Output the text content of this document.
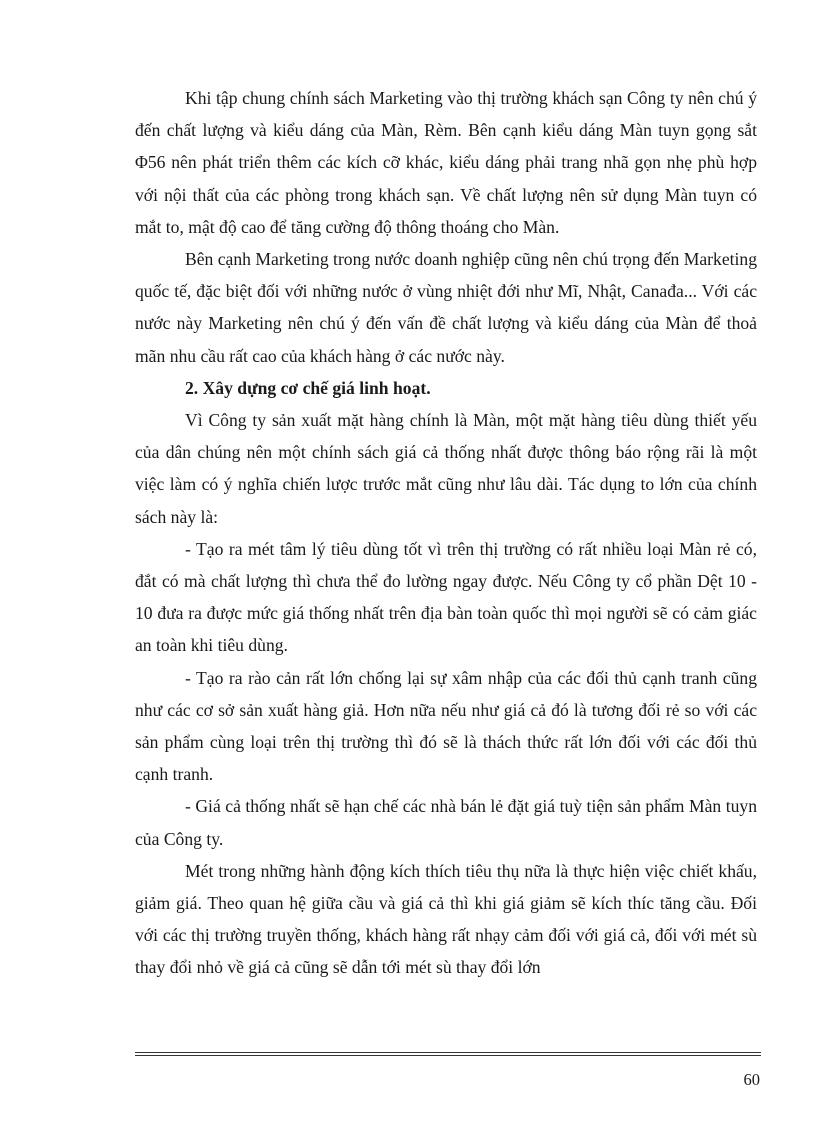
Khi tập chung chính sách Marketing vào thị trường khách sạn Công ty nên chú ý đến chất lượng và kiểu dáng của Màn, Rèm. Bên cạnh kiểu dáng Màn tuyn gọng sắt Φ56 nên phát triển thêm các kích cỡ khác, kiểu dáng phải trang nhã gọn nhẹ phù hợp với nội thất của các phòng trong khách sạn. Về chất lượng nên sử dụng Màn tuyn có mắt to, mật độ cao để tăng cường độ thông thoáng cho Màn.

Bên cạnh Marketing trong nước doanh nghiệp cũng nên chú trọng đến Marketing quốc tế, đặc biệt đối với những nước ở vùng nhiệt đới như Mĩ, Nhật, Canađa... Với các nước này Marketing nên chú ý đến vấn đề chất lượng và kiểu dáng của Màn để thoả mãn nhu cầu rất cao của khách hàng ở các nước này.

2. Xây dựng cơ chế giá linh hoạt.

Vì Công ty sản xuất mặt hàng chính là Màn, một mặt hàng tiêu dùng thiết yếu của dân chúng nên một chính sách giá cả thống nhất được thông báo rộng rãi là một việc làm có ý nghĩa chiến lược trước mắt cũng như lâu dài. Tác dụng to lớn của chính sách này là:

- Tạo ra mét tâm lý tiêu dùng tốt vì trên thị trường có rất nhiều loại Màn rẻ có, đắt có mà chất lượng thì chưa thể đo lường ngay được. Nếu Công ty cổ phần Dệt 10 - 10 đưa ra được mức giá thống nhất trên địa bàn toàn quốc thì mọi người sẽ có cảm giác an toàn khi tiêu dùng.

- Tạo ra rào cản rất lớn chống lại sự xâm nhập của các đối thủ cạnh tranh cũng như các cơ sở sản xuất hàng giả. Hơn nữa nếu như giá cả đó là tương đối rẻ so với các sản phẩm cùng loại trên thị trường thì đó sẽ là thách thức rất lớn đối với các đối thủ cạnh tranh.

- Giá cả thống nhất sẽ hạn chế các nhà bán lẻ đặt giá tuỳ tiện sản phẩm Màn tuyn của Công ty.

Mét trong những hành động kích thích tiêu thụ nữa là thực hiện việc chiết khấu, giảm giá. Theo quan hệ giữa cầu và giá cả thì khi giá giảm sẽ kích thíc tăng cầu. Đối với các thị trường truyền thống, khách hàng rất nhạy cảm đối với giá cả, đối với mét sù thay đổi nhỏ về giá cả cũng sẽ dẫn tới mét sù thay đổi lớn

60
